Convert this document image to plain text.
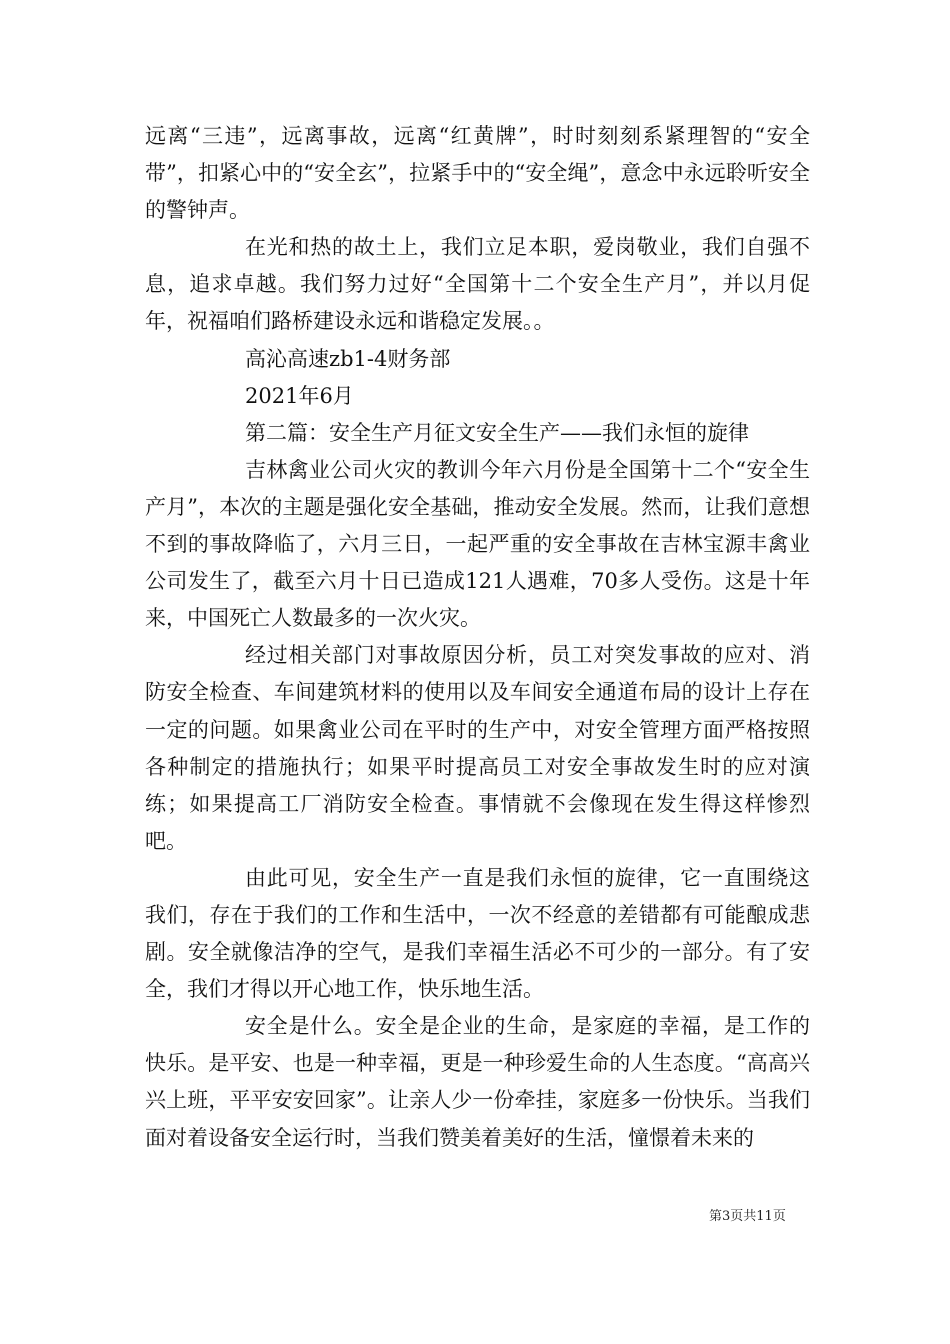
远离“三违”，远离事故，远离“红黄牌”，时时刻刻系紧理智的“安全带”，扣紧心中的“安全玄”，拉紧手中的“安全绳”，意念中永远聆听安全的警钟声。

在光和热的故土上，我们立足本职，爱岗敬业，我们自强不息，追求卓越。我们努力过好“全国第十二个安全生产月”，并以月促年，祝福咱们路桥建设永远和谐稳定发展。。

高沁高速zb1-4财务部

2021年6月

第二篇：安全生产月征文安全生产——我们永恒的旋律

吉林禽业公司火灾的教训今年六月份是全国第十二个“安全生产月”，本次的主题是强化安全基础，推动安全发展。然而，让我们意想不到的事故降临了，六月三日，一起严重的安全事故在吉林宝源丰禽业公司发生了，截至六月十日已造成121人遇难，70多人受伤。这是十年来，中国死亡人数最多的一次火灾。

经过相关部门对事故原因分析，员工对突发事故的应对、消防安全检查、车间建筑材料的使用以及车间安全通道布局的设计上存在一定的问题。如果禽业公司在平时的生产中，对安全管理方面严格按照各种制定的措施执行；如果平时提高员工对安全事故发生时的应对演练；如果提高工厂消防安全检查。事情就不会像现在发生得这样惨烈吧。

由此可见，安全生产一直是我们永恒的旋律，它一直围绕这我们，存在于我们的工作和生活中，一次不经意的差错都有可能酿成悲剧。安全就像洁净的空气，是我们幸福生活必不可少的一部分。有了安全，我们才得以开心地工作，快乐地生活。

安全是什么。安全是企业的生命，是家庭的幸福，是工作的快乐。是平安、也是一种幸福，更是一种珍爱生命的人生态度。“高高兴兴上班，平平安安回家”。让亲人少一份牵挂，家庭多一份快乐。当我们面对着设备安全运行时，当我们赞美着美好的生活，憧憬着未来的

第3页共11页
